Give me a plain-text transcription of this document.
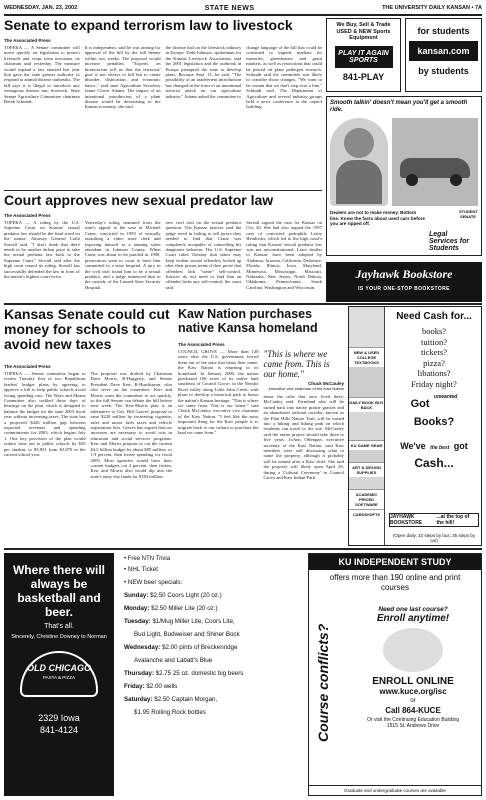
WEDNESDAY, JAN. 23, 2002	STATE NEWS	THE UNIVERSITY DAILY KANSAN • 7A
Senate to expand terrorism law to livestock
The Associated Press
TOPEKA — A Senate committee will move quickly on legislation to protect livestock and crops from terrorism, its chairman said yesterday. The measure would expand a law enacted last year that gave the state greater authority to respond to animal disease outbreaks. The bill says it is illegal to introduce any contagious disease into livestock. State Senate Agriculture Committee chairman Derek Schmidt.
It is independent, said he was aiming for approval of the bill by the full Senate within two weeks. The proposal would increase penalties. "Experts on bioterrorism tell us that the terrorists' goal is not always to kill but to create disorder, dislocation, and economic havoc," said state Agriculture Secretary Jamie Clover Adams. The impact of an intentional introduction of a plant disease would be devastating to the Kansas economy, she said.
the disease had on the livestock industry in Europe. Todd Johnson, spokesman for the Kansas Livestock Association, said the 2001 legislation and the outbreak in Europe prompted the state to develop plans. Because Sept. 11, he said, "The possibility of an inadvertent introduction has changed in the form of an intentional terrorist attack on our agriculture industry." Adams asked the committee to
change language of the bill that could be construed to impede markets for nurseries, greenhouses and grain markets, as well as restrictions that could be placed on plant pathogen research. Schmidt said the committee was likely to consider those changes. "We want to be certain that we don't step over a line," Schmidt said. The Department of Agriculture and several industry groups held a news conference at the capitol building.
We Buy, Sell & Trade USED & NEW Sports Equipment
PLAY IT AGAIN SPORTS
841-PLAY
for students
kansan.com
by students
Smooth talkin' doesn't mean you'll get a smooth ride.
Dealers are not to make money. Bottom line. Know the facts about used cars before you are ripped off.
Legal Services for Students
STUDENT SENATE
Court approves new sexual predator law
The Associated Press
TOPEKA — A ruling by the U.S. Supreme Court on Kansas' sexual predator law should be the final word on the statute, Attorney General Carla Stovall said. "I don't think that there needs to be another defeat prior to take the sexual predator law back to the Supreme Court," Stovall said after the high court issued its ruling. Stovall has successfully defended the law in front of the nation's highest court twice.
Yesterday's ruling stemmed from the state's appeal in the case of Michael Crane, convicted in 1993 of sexually assaulting a video store clerk and exposing himself to a tanning salon attendant in Johnson County. When Crane was about to be paroled in 1998, prosecutors went to court to have him committed to a state hospital. A jury in the civil trial found him to be a sexual predator, and a judge sentenced him to the custody of the Larned State Security Hospital.
new civil trial on the sexual predator question. The Kansas justices said the judge erred in failing to tell jurors they needed to find that Crane was completely incapable of controlling his dangerous behavior. The U.S. Supreme Court ruled Tuesday that states may keep violent sexual offenders locked up after their prison terms if they prove that offenders lack "some" self-control. Justices do not need to find that an offender lacks any self-control, the court said.
Stovall argued the case for Kansas on Oct. 30. She had also argued the 1997 case of convicted pedophile Leroy Hendricks, which led to the high court's ruling that Kansas' sexual predator law was not unconstitutional. Laws similar to Kansas' have been adopted by Alabama, Arizona, California, Delaware, Florida, Illinois, Iowa, Maryland, Minnesota, Mississippi, Missouri, Nebraska, New Jersey, North Dakota, Oklahoma, Pennsylvania, South Carolina, Washington and Wisconsin.
Jayhawk Bookstore
IS YOUR ONE-STOP BOOKSTORE
Kansas Senate could cut money for schools to avoid new taxes
The Associated Press
TOPEKA — Senate committee began to review Tuesday first of two Republican leaders' budget plans by agreeing to approve a bill to help public schools avoid facing spending cuts. The Ways and Means Committee also tackled three days of hearings on the plan, which is designed to balance the budget for the state 2003 fiscal year without increasing taxes. The state has a projected $426 million gap between expected revenues and spending commitments for 2003, which begins July 1. One key provision of the plan would reduce state aid to public schools by $39 per student, to $3,831 from $3,870 in the current school year.
The proposal was drafted by Chairman Dave Morris, R-Haggerty, and Senate President Dave Kerr, R-Hutchinson, who also serve on the committee. Kerr and Morris want the committee to act quickly, so the full Senate can debate the bill before next week. The Kerr-Morris plan is an alternative to Gov. Bill Graves' proposal to raise $220 million by increasing cigarette, sales and motor fuels taxes and vehicle registration fees. Graves has argued that tax increases are necessary to avoid cuts in education and social services programs. Kerr and Morris propose to cut the current $4.5 billion budget by about $85 million, or 1.9 percent, then freeze spending for fiscal 2003. Most agencies would have their current budgets cut 2 percent, then frozen. Kerr and Morris also would dip into the state's rainy day funds for $184 million.
Kaw Nation purchases native Kansa homeland
The Associated Press
COUNCIL GROVE — More than 128 years after the U.S. government forced them out of the state that bears their name, the Kaw Nation is returning to its homeland. In January 2000, the nation purchased 168 acres of its native land southeast of Council Grove, in the Neosho River valley along Little John Creek, with plans to develop a historical park to honor the nation's Kansas heritage. "This is where we came from. This is our home," said Chuck McCauley, executive vice chairman of the Kaw Nation. "I feel like the most important thing for the Kaw people is to migrate back to our culture to purchase the land we came from."
"This is where we came from. This is our home."
Chuck McCauley
executive vice chairman of the Kaw Nation
about the tribe that once lived there, McCauley said. Farmland also will be turned back into native prairie grasses and an abandoned railroad corridor, known as the Flint Hills Nature Trail, will be turned into a hiking and biking path on which residents can travel to the site. McCauley said the entire project should take three to five years. JoAnn Offenpan, executive secretary of the Kaw Nation, said Kaw members were still discussing what to name the property, although it probably will be named after a Kaw chief. She said the property will likely open April 20, during a 'Cultural Ceremony' in Council Grove and Kaw Indian Park.
NEW & USED COLLEGE TEXTBOOKS
DAILY BOOK BUY BACK
KU GAME GEAR
ART & DESIGN SUPPLIES
ACADEMIC PRICED SOFTWARE
CARDS/GIFTS
Need Cash for...
books?
tuition?
tickets?
pizza?
libations?
Friday night?
Got $^{unwanted}$ Books?
We've the best got Cash...
JAYHAWK BOOKSTORE
...at the top of the hill!
(Open daily, 10 steps by bus, 35 steps by car)
Where there will always be basketball and beer.
That's all.
Sincerely, Christine Downey to Norman
OLD CHICAGO
PASTA & PIZZA
2329 Iowa
841-4124
• Free NTN Trivia
• NHL Ticket
• NEW beer specials:
Sunday: $2.50 Coors Light (20 oz.)
Monday: $2.50 Miller Lite (20 oz.)
Tuesday: $1/Mug Miller Lite, Coors Lite,
Bud Light, Budweiser and Shiner Bock
Wednesday: $2.00 pints of Breckenridge
Avalanche and Labatt's Blue
Thursday: $2.75 25 oz. domestic big beers
Friday: $2.00 wells
Saturday: $2.50 Captain Morgan,
$1.95 Rolling Rock bottles
KU INDEPENDENT STUDY
offers more than 190 online and print courses
Course conflicts?
Need one last course?
Enroll anytime!
ENROLL ONLINE
www.kuce.org/isc
or
Call 864-KUCE
Or visit the Continuing Education Building
1515 St. Andrews Drive
Graduate and undergraduate courses are available
